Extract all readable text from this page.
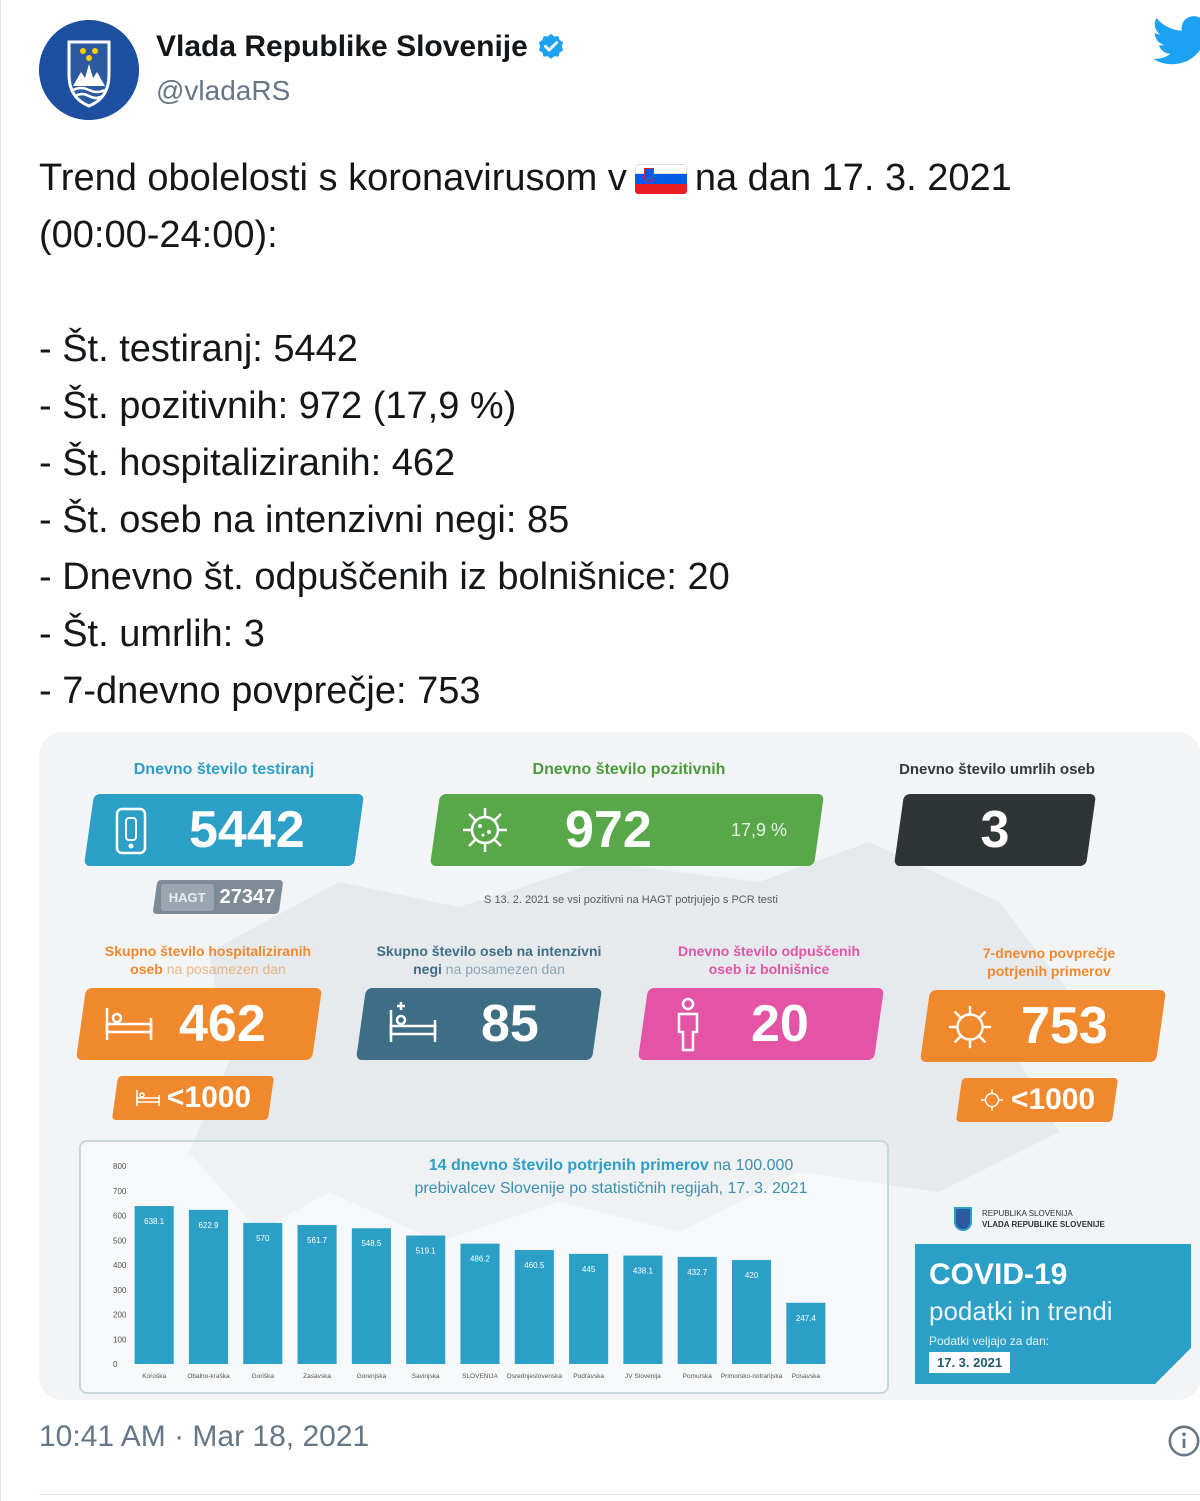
Vlada Republike Slovenije
@vladaRS
Trend obolelosti s koronavirusom v na dan 17. 3. 2021
(00:00-24:00):
- Št. testiranj: 5442
- Št. pozitivnih: 972 (17,9 %)
- Št. hospitaliziranih: 462
- Št. oseb na intenzivni negi: 85
- Dnevno št. odpuščenih iz bolnišnice: 20
- Št. umrlih: 3
- 7-dnevno povprečje: 753
Dnevno število testiranj	Dnevno število pozitivnih	Dnevno število umrlih oseb
5442
HAGT 27347
972	17,9 %
S 13. 2. 2021 se vsi pozitivni na HAGT potrjujejo s PCR testi
3
Skupno število hospitaliziranih
oseb na posamezen dan
Skupno število oseb na intenzivni
negi na posamezen dan
Dnevno število odpuščenih
oseb iz bolnišnice
7-dnevno povprečje
potrjenih primerov
462
<1000
85	20	753
<1000
14 dnevno število potrjenih primerov na 100.000
prebivalcev Slovenije po statističnih regijah, 17. 3. 2021
0
100
200
300
400
500
600
700
800
638.1
Koroška
622.9
Obalno-kraška
570
Goriška
561.7
Zasavska
548.5
Gorenjska
519.1
Savinjska
486.2
SLOVENIJA
460.5
Osrednjeslovenska
445
Podravska
438.1
JV Slovenija
432.7
Pomurska
420
Primorsko-notranjska
247.4
Posavska
REPUBLIKA SLOVENIJA
VLADA REPUBLIKE SLOVENIJE
COVID-19
podatki in trendi
Podatki veljajo za dan:
17. 3. 2021
10:41 AM · Mar 18, 2021
